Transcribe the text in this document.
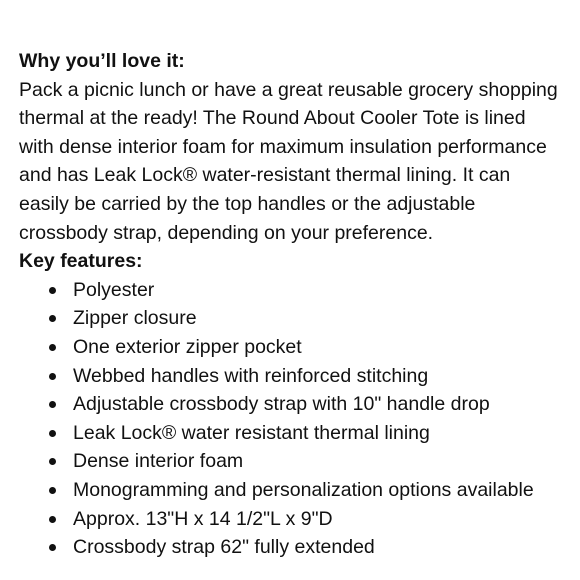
Why you’ll love it:

Pack a picnic lunch or have a great reusable grocery shopping thermal at the ready! The Round About Cooler Tote is lined with dense interior foam for maximum insulation performance and has Leak Lock® water-resistant thermal lining. It can easily be carried by the top handles or the adjustable crossbody strap, depending on your preference.

Key features:
Polyester
Zipper closure
One exterior zipper pocket
Webbed handles with reinforced stitching
Adjustable crossbody strap with 10" handle drop
Leak Lock® water resistant thermal lining
Dense interior foam
Monogramming and personalization options available
Approx. 13"H x 14 1/2"L x 9"D
Crossbody strap 62" fully extended
